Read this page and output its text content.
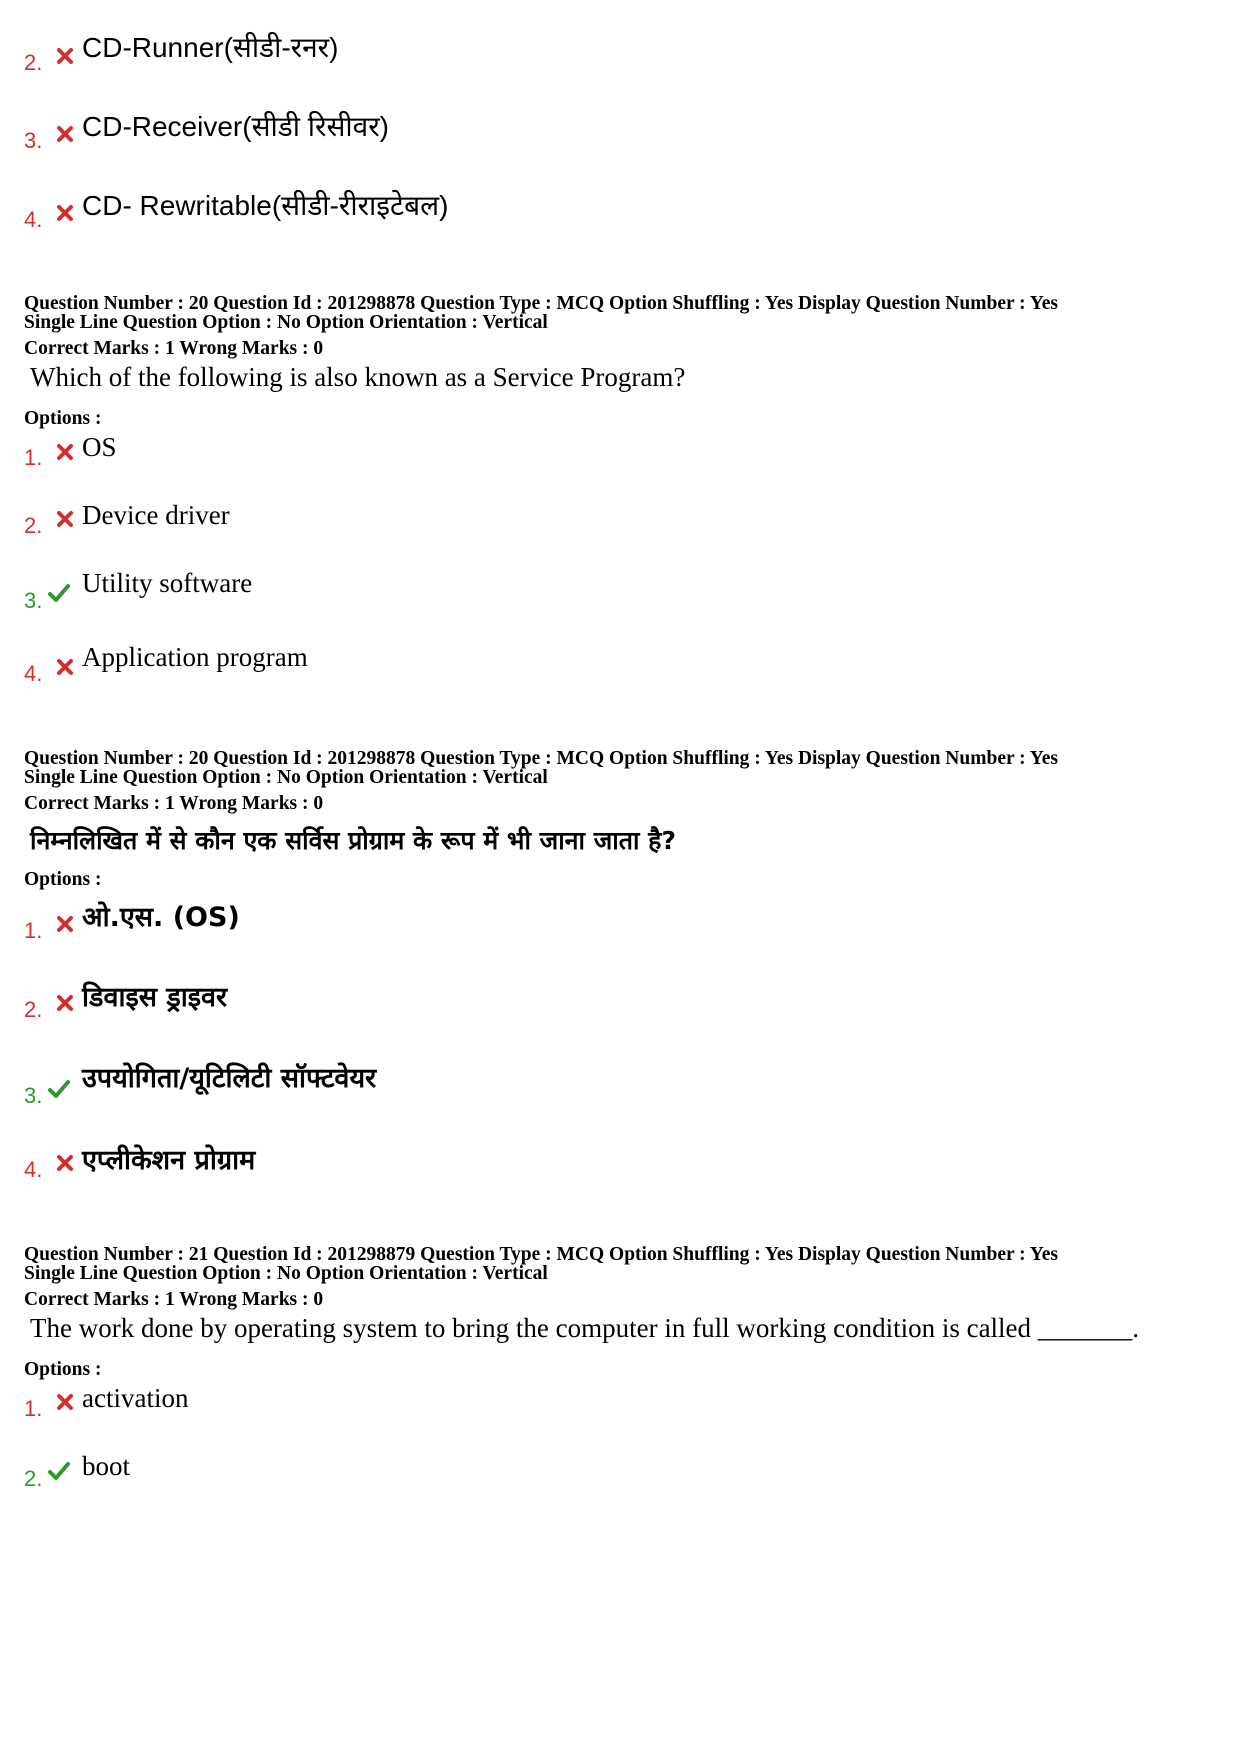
2. CD-Runner(सीडी-रनर)
3. CD-Receiver(सीडी रिसीवर)
4. CD- Rewritable(सीडी-रीराइटेबल)
Question Number : 20 Question Id : 201298878 Question Type : MCQ Option Shuffling : Yes Display Question Number : Yes
Single Line Question Option : No Option Orientation : Vertical
Correct Marks : 1 Wrong Marks : 0
Which of the following is also known as a Service Program?
Options :
1. OS
2. Device driver
3.
Utility software
4.
Application program
Question Number : 20 Question Id : 201298878 Question Type : MCQ Option Shuffling : Yes Display Question Number : Yes
Single Line Question Option : No Option Orientation : Vertical
Correct Marks : 1 Wrong Marks : 0
निम्नलिखित में से कौन एक सर्विस प्रोग्राम के रूप में भी जाना जाता है?
Options :
1. ओ.एस. (OS)
2. डिवाइस ड्राइवर
3.
उपयोगिता/यूटिलिटी सॉफ्टवेयर
4. एप्लीकेशन प्रोग्राम
Question Number : 21 Question Id : 201298879 Question Type : MCQ Option Shuffling : Yes Display Question Number : Yes
Single Line Question Option : No Option Orientation : Vertical
Correct Marks : 1 Wrong Marks : 0
The work done by operating system to bring the computer in full working condition is called _______.
Options :
1. activation
2. boot
